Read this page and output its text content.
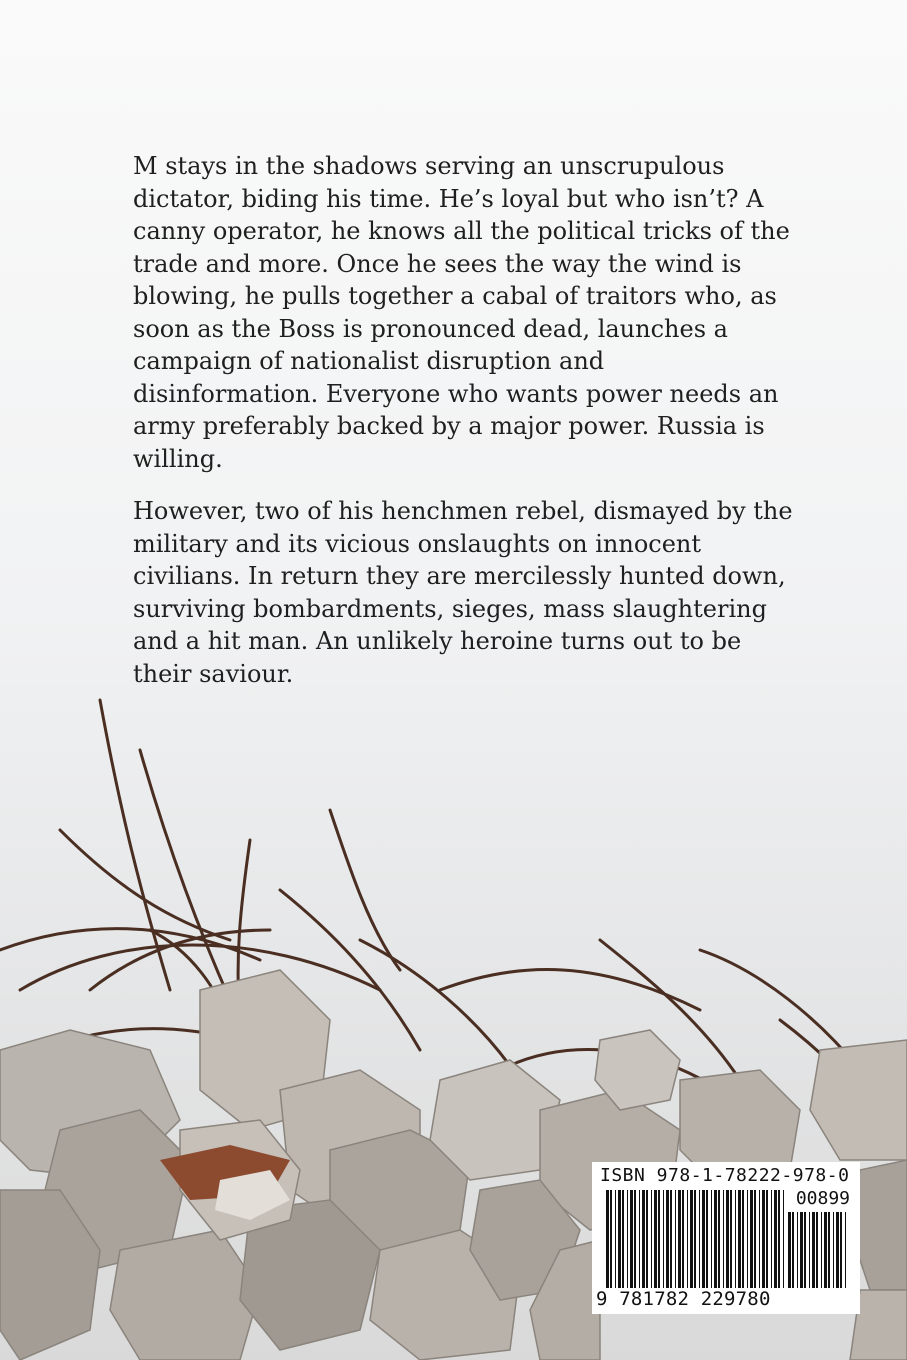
M stays in the shadows serving an unscrupulous dictator, biding his time. He’s loyal but who isn’t? A canny operator, he knows all the political tricks of the trade and more. Once he sees the way the wind is blowing, he pulls together a cabal of traitors who, as soon as the Boss is pronounced dead, launches a campaign of nationalist disruption and disinformation. Everyone who wants power needs an army preferably backed by a major power. Russia is willing.

However, two of his henchmen rebel, dismayed by the military and its vicious onslaughts on innocent civilians. In return they are mercilessly hunted down, surviving bombardments, sieges, mass slaughtering and a hit man. An unlikely heroine turns out to be their saviour.

ISBN 978-1-78222-978-0
00899
9 781782 229780
